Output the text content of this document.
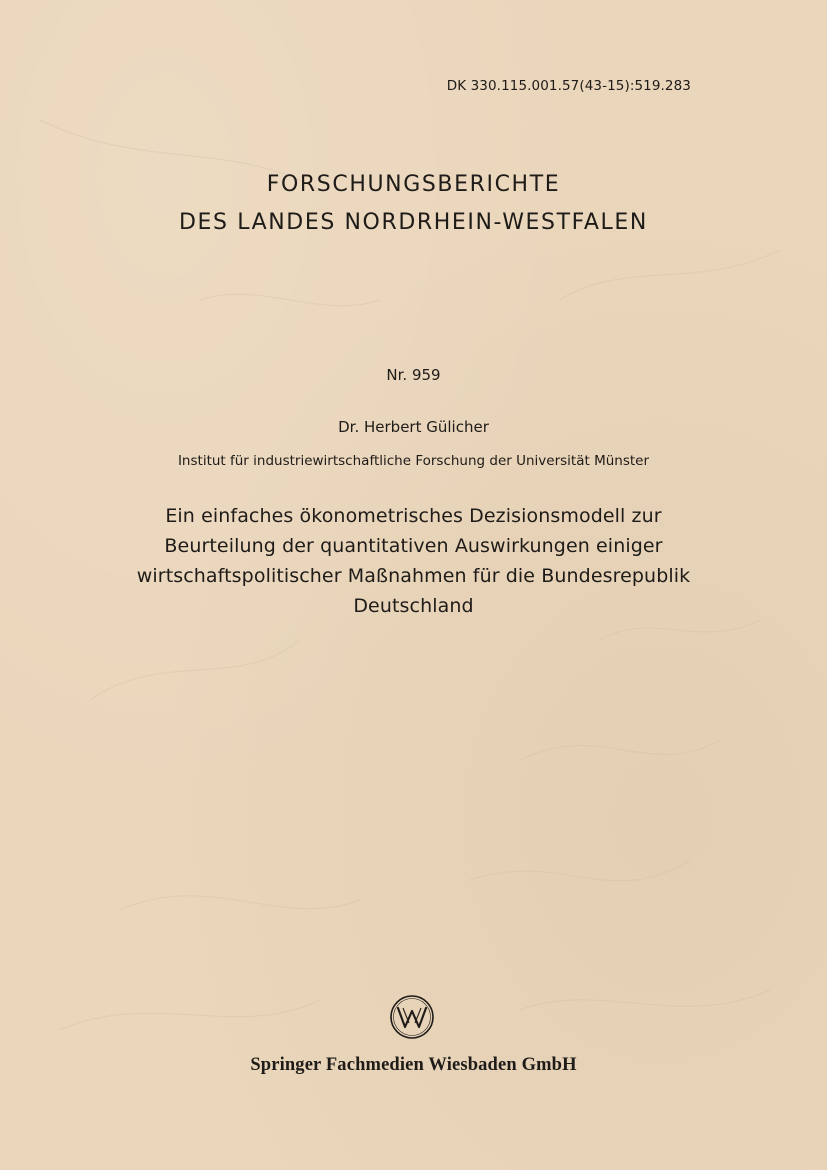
DK 330.115.001.57(43-15):519.283
FORSCHUNGSBERICHTE
DES LANDES NORDRHEIN-WESTFALEN
Nr. 959
Dr. Herbert Gülicher
Institut für industriewirtschaftliche Forschung der Universität Münster
Ein einfaches ökonometrisches Dezisionsmodell zur
Beurteilung der quantitativen Auswirkungen einiger
wirtschaftspolitischer Maßnahmen für die Bundesrepublik
Deutschland
Springer Fachmedien Wiesbaden GmbH
